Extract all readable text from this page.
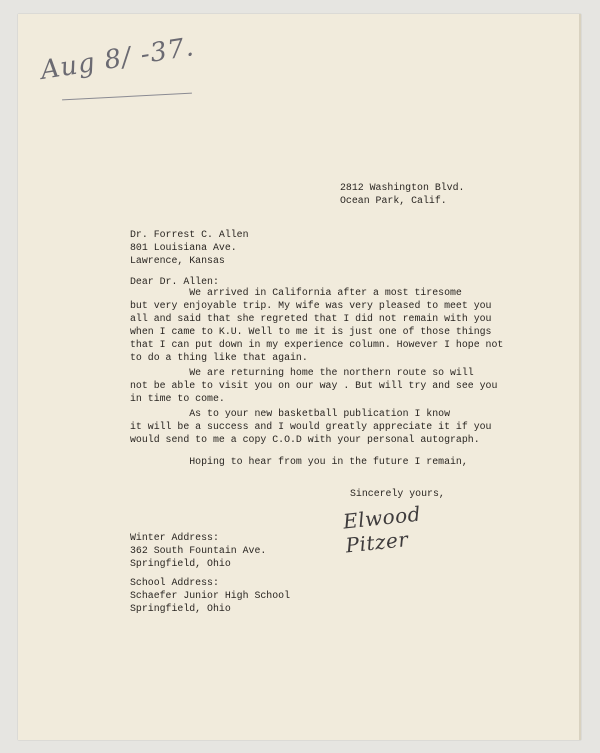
Aug 8/ -37.
2812 Washington Blvd.
Ocean Park, Calif.
Dr. Forrest C. Allen
801 Louisiana Ave.
Lawrence, Kansas
Dear Dr. Allen:
We arrived in California after a most tiresome
but very enjoyable trip. My wife was very pleased to meet you
all and said that she regreted that I did not remain with you
when I came to K.U. Well to me it is just one of those things
that I can put down in my experience column. However I hope not
to do a thing like that again.
We are returning home the northern route so will
not be able to visit you on our way . But will try and see you
in time to come.
As to your new basketball publication I know
it will be a success and I would greatly appreciate it if you
would send to me a copy C.O.D with your personal autograph.
Hoping to hear from you in the future I remain,
Sincerely yours,
Elwood Pitzer
Winter Address:
362 South Fountain Ave.
Springfield, Ohio
School Address:
Schaefer Junior High School
Springfield, Ohio
